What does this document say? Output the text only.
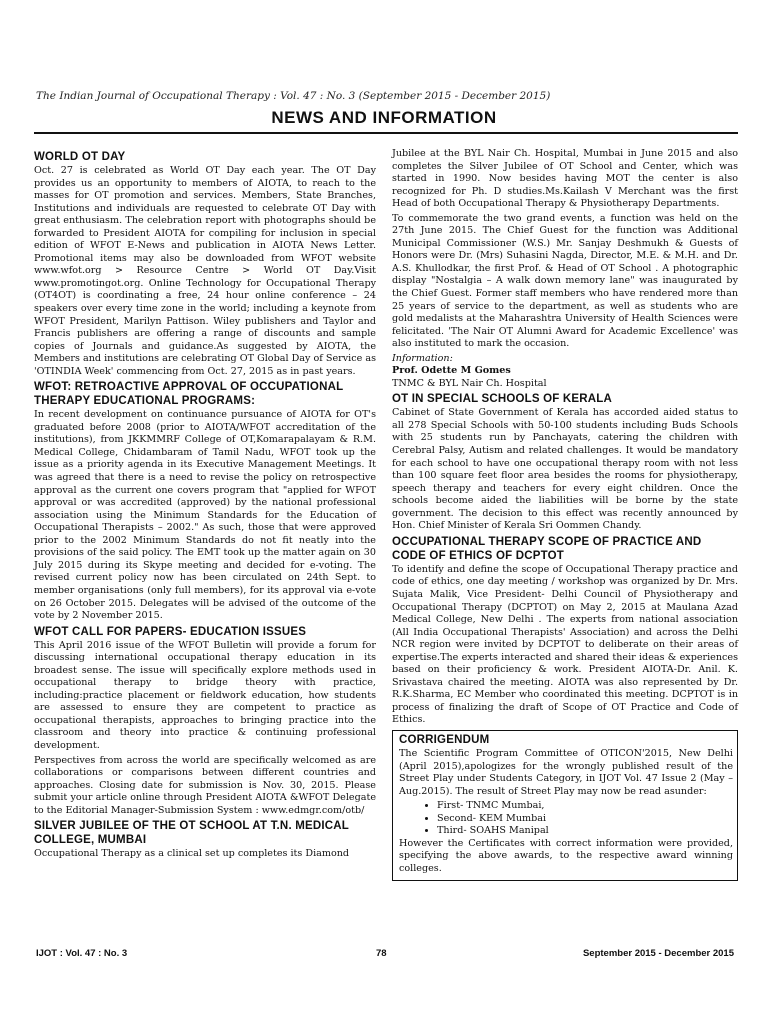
The Indian Journal of Occupational Therapy : Vol. 47 : No. 3 (September 2015 - December 2015)
NEWS AND INFORMATION
WORLD OT DAY

Oct. 27 is celebrated as World OT Day each year. The OT Day provides us an opportunity to members of AIOTA, to reach to the masses for OT promotion and services. Members, State Branches, Institutions and individuals are requested to celebrate OT Day with great enthusiasm. The celebration report with photographs should be forwarded to President AIOTA for compiling for inclusion in special edition of WFOT E-News and publication in AIOTA News Letter. Promotional items may also be downloaded from WFOT website www.wfot.org > Resource Centre > World OT Day.Visit www.promotingot.org. Online Technology for Occupational Therapy (OT4OT) is coordinating a free, 24 hour online conference – 24 speakers over every time zone in the world; including a keynote from WFOT President, Marilyn Pattison. Wiley publishers and Taylor and Francis publishers are offering a range of discounts and sample copies of Journals and guidance.As suggested by AIOTA, the Members and institutions are celebrating OT Global Day of Service as 'OTINDIA Week' commencing from Oct. 27, 2015 as in past years.

WFOT: RETROACTIVE APPROVAL OF OCCUPATIONAL THERAPY EDUCATIONAL PROGRAMS:

In recent development on continuance pursuance of AIOTA for OT's graduated before 2008 (prior to AIOTA/WFOT accreditation of the institutions), from JKKMMRF College of OT,Komarapalayam & R.M. Medical College, Chidambaram of Tamil Nadu, WFOT took up the issue as a priority agenda in its Executive Management Meetings. It was agreed that there is a need to revise the policy on retrospective approval as the current one covers program that "applied for WFOT approval or was accredited (approved) by the national professional association using the Minimum Standards for the Education of Occupational Therapists – 2002." As such, those that were approved prior to the 2002 Minimum Standards do not fit neatly into the provisions of the said policy. The EMT took up the matter again on 30 July 2015 during its Skype meeting and decided for e-voting. The revised current policy now has been circulated on 24th Sept. to member organisations (only full members), for its approval via e-vote on 26 October 2015. Delegates will be advised of the outcome of the vote by 2 November 2015.

WFOT CALL FOR PAPERS- EDUCATION ISSUES

This April 2016 issue of the WFOT Bulletin will provide a forum for discussing international occupational therapy education in its broadest sense. The issue will specifically explore methods used in occupational therapy to bridge theory with practice, including:practice placement or fieldwork education, how students are assessed to ensure they are competent to practice as occupational therapists, approaches to bringing practice into the classroom and theory into practice & continuing professional development.

Perspectives from across the world are specifically welcomed as are collaborations or comparisons between different countries and approaches. Closing date for submission is Nov. 30, 2015. Please submit your article online through President AIOTA &WFOT Delegate to the Editorial Manager-Submission System : www.edmgr.com/otb/

SILVER JUBILEE OF THE OT SCHOOL AT T.N. MEDICAL COLLEGE, MUMBAI

Occupational Therapy as a clinical set up completes its Diamond

Jubilee at the BYL Nair Ch. Hospital, Mumbai in June 2015 and also completes the Silver Jubilee of OT School and Center, which was started in 1990. Now besides having MOT the center is also recognized for Ph. D studies.Ms.Kailash V Merchant was the first Head of both Occupational Therapy & Physiotherapy Departments.

To commemorate the two grand events, a function was held on the 27th June 2015. The Chief Guest for the function was Additional Municipal Commissioner (W.S.) Mr. Sanjay Deshmukh & Guests of Honors were Dr. (Mrs) Suhasini Nagda, Director, M.E. & M.H. and Dr. A.S. Khullodkar, the first Prof. & Head of OT School . A photographic display "Nostalgia – A walk down memory lane" was inaugurated by the Chief Guest. Former staff members who have rendered more than 25 years of service to the department, as well as students who are gold medalists at the Maharashtra University of Health Sciences were felicitated. 'The Nair OT Alumni Award for Academic Excellence' was also instituted to mark the occasion.

Information:

Prof. Odette M Gomes

TNMC & BYL Nair Ch. Hospital

OT IN SPECIAL SCHOOLS OF KERALA

Cabinet of State Government of Kerala has accorded aided status to all 278 Special Schools with 50-100 students including Buds Schools with 25 students run by Panchayats, catering the children with Cerebral Palsy, Autism and related challenges. It would be mandatory for each school to have one occupational therapy room with not less than 100 square feet floor area besides the rooms for physiotherapy, speech therapy and teachers for every eight children. Once the schools become aided the liabilities will be borne by the state government. The decision to this effect was recently announced by Hon. Chief Minister of Kerala Sri Oommen Chandy.

OCCUPATIONAL THERAPY SCOPE OF PRACTICE AND CODE OF ETHICS OF DCPTOT

To identify and define the scope of Occupational Therapy practice and code of ethics, one day meeting / workshop was organized by Dr. Mrs. Sujata Malik, Vice President- Delhi Council of Physiotherapy and Occupational Therapy (DCPTOT) on May 2, 2015 at Maulana Azad Medical College, New Delhi . The experts from national association (All India Occupational Therapists' Association) and across the Delhi NCR region were invited by DCPTOT to deliberate on their areas of expertise.The experts interacted and shared their ideas & experiences based on their proficiency & work. President AIOTA-Dr. Anil. K. Srivastava chaired the meeting. AIOTA was also represented by Dr. R.K.Sharma, EC Member who coordinated this meeting. DCPTOT is in process of finalizing the draft of Scope of OT Practice and Code of Ethics.

CORRIGENDUM

The Scientific Program Committee of OTICON'2015, New Delhi (April 2015),apologizes for the wrongly published result of the Street Play under Students Category, in IJOT Vol. 47 Issue 2 (May –Aug.2015). The result of Street Play may now be read asunder:

• First- TNMC Mumbai,
• Second- KEM Mumbai
• Third- SOAHS Manipal

However the Certificates with correct information were provided, specifying the above awards, to the respective award winning colleges.

IJOT : Vol. 47 : No. 3	78	September 2015 - December 2015
